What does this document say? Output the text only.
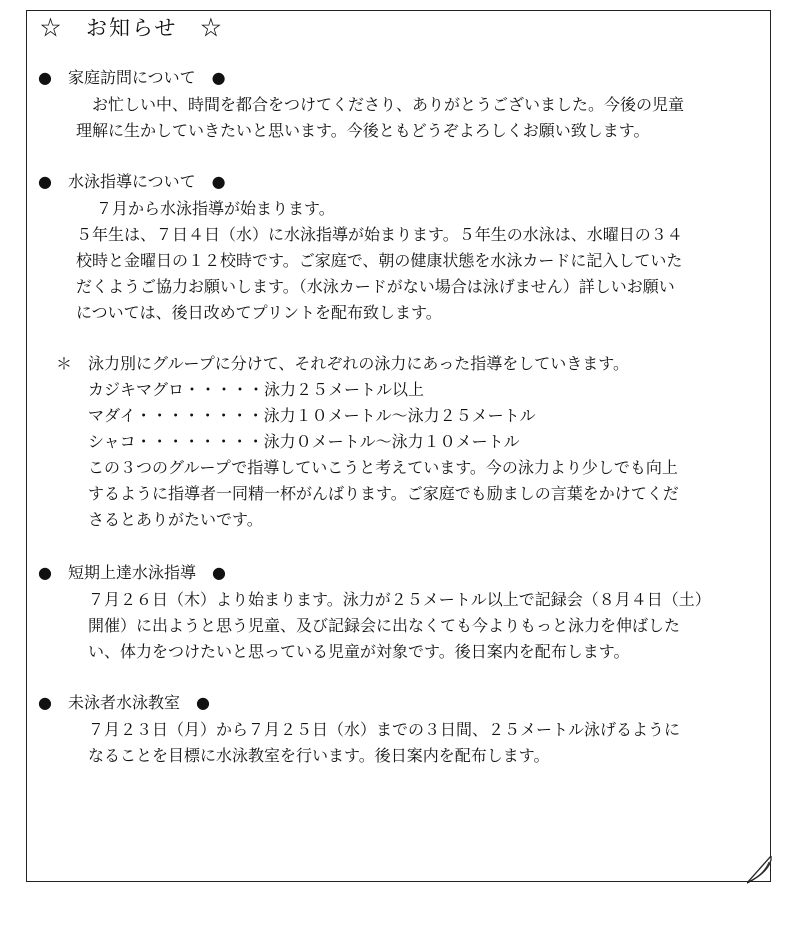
☆　お知らせ　☆
●　家庭訪問について　●
お忙しい中、時間を都合をつけてくださり、ありがとうございました。今後の児童
理解に生かしていきたいと思います。今後ともどうぞよろしくお願い致します。
●　水泳指導について　●
７月から水泳指導が始まります。
５年生は、７日４日（水）に水泳指導が始まります。５年生の水泳は、水曜日の３４
校時と金曜日の１２校時です。ご家庭で、朝の健康状態を水泳カードに記入していた
だくようご協力お願いします。（水泳カードがない場合は泳げません）詳しいお願い
については、後日改めてプリントを配布致します。
＊　泳力別にグループに分けて、それぞれの泳力にあった指導をしていきます。
カジキマグロ・・・・・泳力２５メートル以上
マダイ・・・・・・・・泳力１０メートル～泳力２５メートル
シャコ・・・・・・・・泳力０メートル～泳力１０メートル
この３つのグループで指導していこうと考えています。今の泳力より少しでも向上
するように指導者一同精一杯がんばります。ご家庭でも励ましの言葉をかけてくだ
さるとありがたいです。
●　短期上達水泳指導　●
７月２６日（木）より始まります。泳力が２５メートル以上で記録会（８月４日（土）
開催）に出ようと思う児童、及び記録会に出なくても今よりもっと泳力を伸ばした
い、体力をつけたいと思っている児童が対象です。後日案内を配布します。
●　未泳者水泳教室　●
７月２３日（月）から７月２５日（水）までの３日間、２５メートル泳げるように
なることを目標に水泳教室を行います。後日案内を配布します。
